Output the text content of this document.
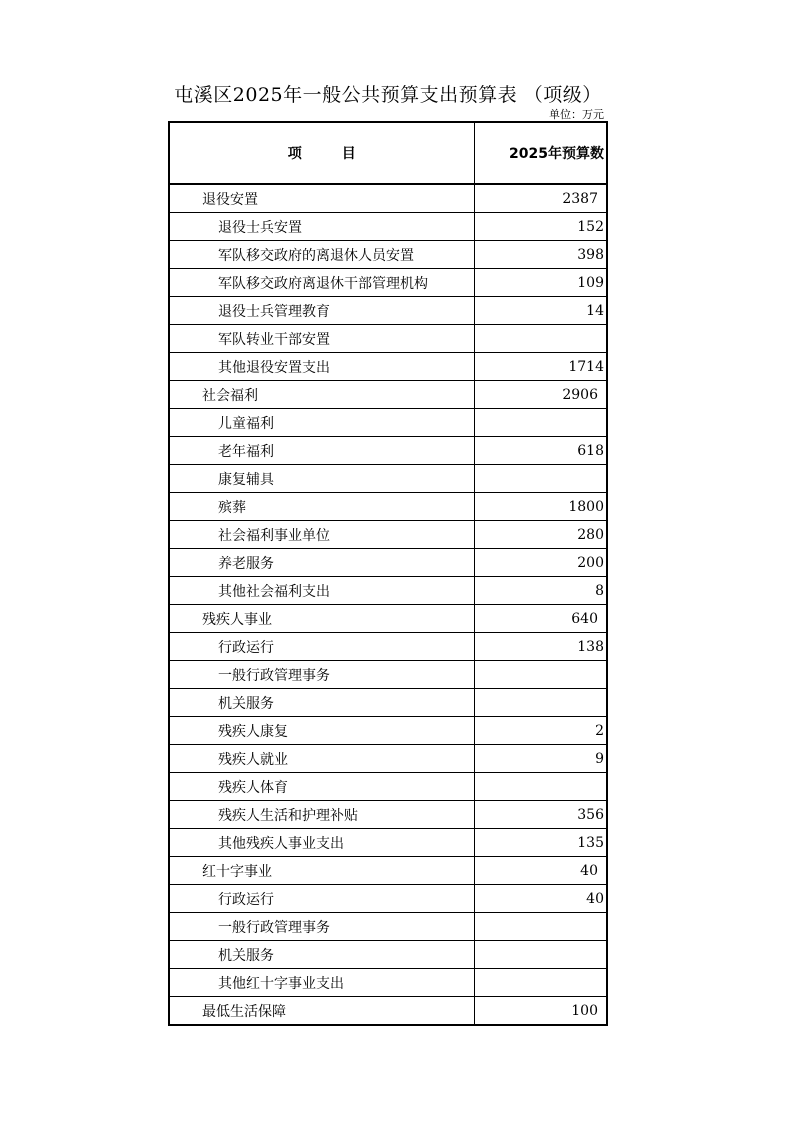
屯溪区2025年一般公共预算支出预算表 （项级）
单位：万元
项目	2025年预算数
退役安置	2387
退役士兵安置	152
军队移交政府的离退休人员安置	398
军队移交政府离退休干部管理机构	109
退役士兵管理教育	14
军队转业干部安置	
其他退役安置支出	1714
社会福利	2906
儿童福利	
老年福利	618
康复辅具	
殡葬	1800
社会福利事业单位	280
养老服务	200
其他社会福利支出	8
残疾人事业	640
行政运行	138
一般行政管理事务	
机关服务	
残疾人康复	2
残疾人就业	9
残疾人体育	
残疾人生活和护理补贴	356
其他残疾人事业支出	135
红十字事业	40
行政运行	40
一般行政管理事务	
机关服务	
其他红十字事业支出	
最低生活保障	100
